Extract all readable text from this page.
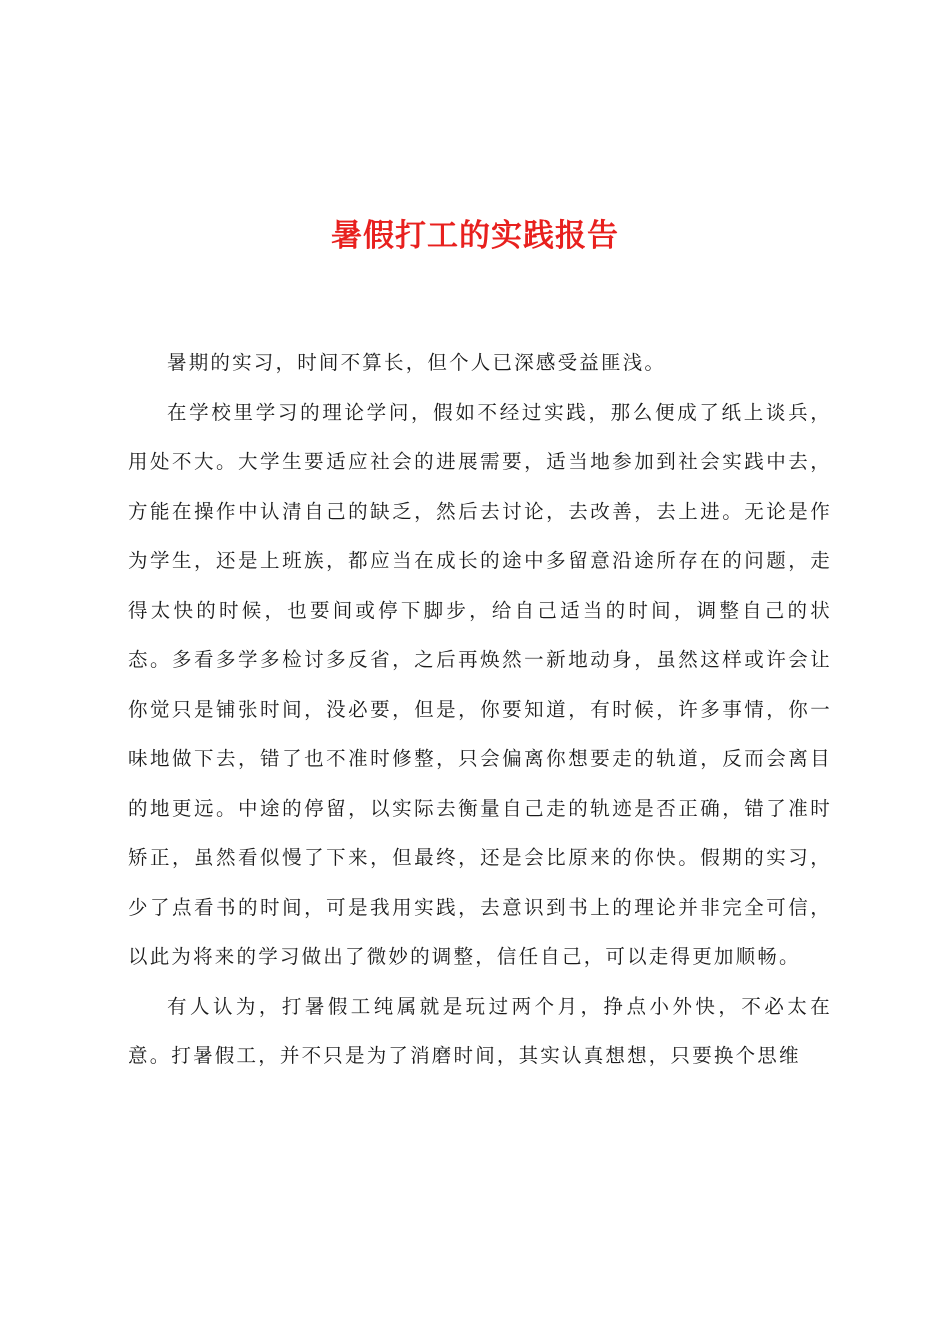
暑假打工的实践报告

暑期的实习，时间不算长，但个人已深感受益匪浅。

在学校里学习的理论学问，假如不经过实践，那么便成了纸上谈兵，用处不大。大学生要适应社会的进展需要，适当地参加到社会实践中去，方能在操作中认清自己的缺乏，然后去讨论，去改善，去上进。无论是作为学生，还是上班族，都应当在成长的途中多留意沿途所存在的问题，走得太快的时候，也要间或停下脚步，给自己适当的时间，调整自己的状态。多看多学多检讨多反省，之后再焕然一新地动身，虽然这样或许会让你觉只是铺张时间，没必要，但是，你要知道，有时候，许多事情，你一味地做下去，错了也不准时修整，只会偏离你想要走的轨道，反而会离目的地更远。中途的停留，以实际去衡量自己走的轨迹是否正确，错了准时矫正，虽然看似慢了下来，但最终，还是会比原来的你快。假期的实习，少了点看书的时间，可是我用实践，去意识到书上的理论并非完全可信，以此为将来的学习做出了微妙的调整，信任自己，可以走得更加顺畅。

有人认为，打暑假工纯属就是玩过两个月，挣点小外快，不必太在意。打暑假工，并不只是为了消磨时间，其实认真想想，只要换个思维
